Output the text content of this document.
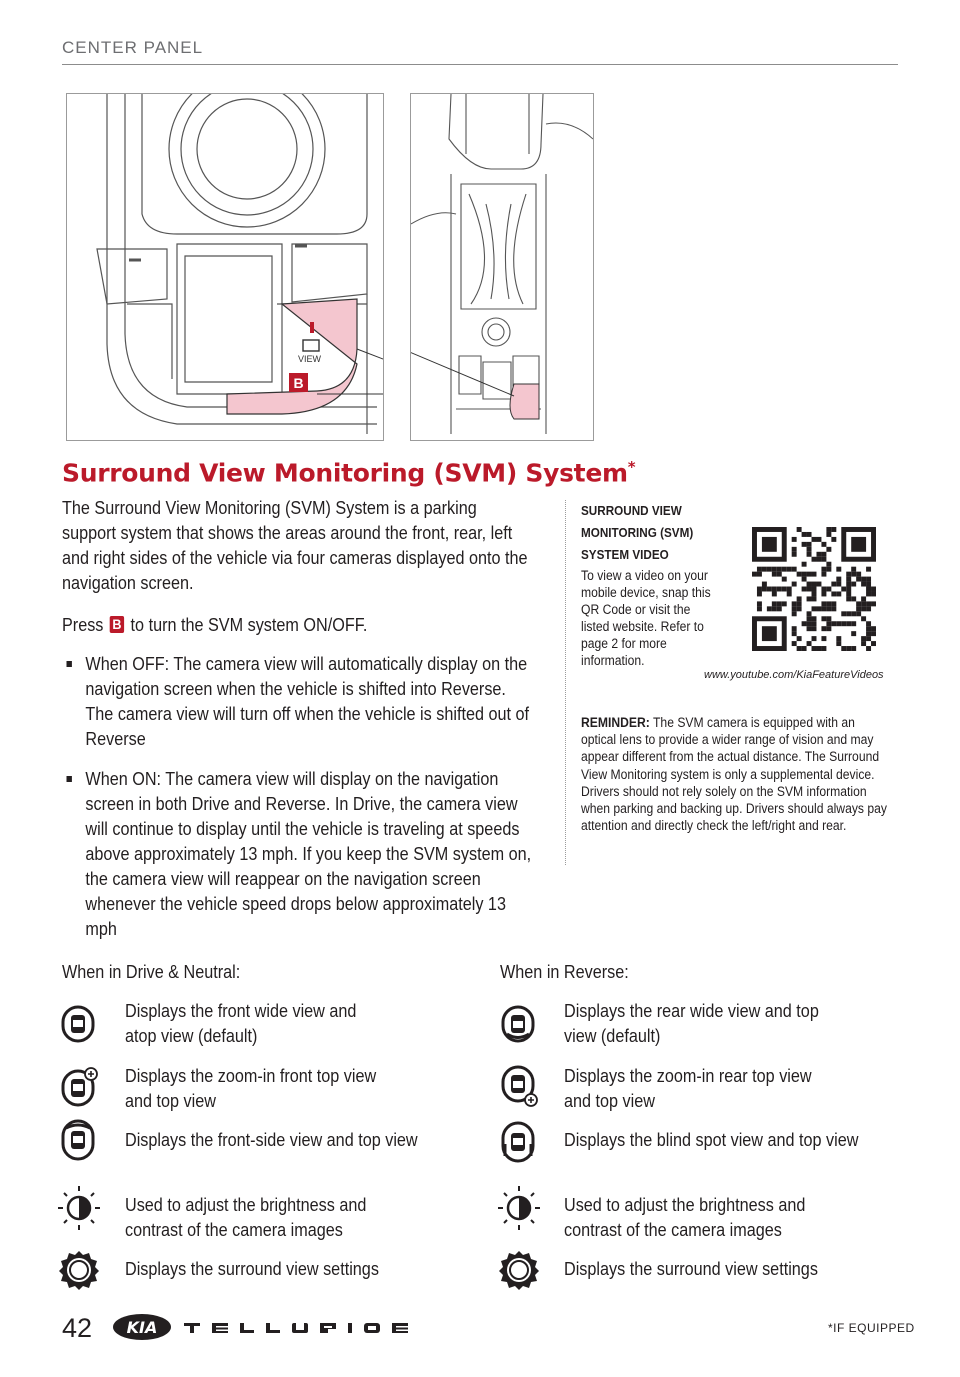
CENTER PANEL
VIEW
B
Surround View Monitoring (SVM) System*
The Surround View Monitoring (SVM) System is a parking support system that shows the areas around the front, rear, left and right sides of the vehicle via four cameras displayed onto the navigation screen.
Press B to turn the SVM system ON/OFF.
When OFF: The camera view will automatically display on the navigation screen when the vehicle is shifted into Reverse. The camera view will turn off when the vehicle is shifted out of Reverse
When ON: The camera view will display on the navigation screen in both Drive and Reverse. In Drive, the camera view will continue to display until the vehicle is traveling at speeds above approximately 13 mph. If you keep the SVM system on, the camera view will reappear on the navigation screen whenever the vehicle speed drops below approximately 13 mph
SURROUND VIEW MONITORING (SVM) SYSTEM VIDEO
To view a video on your mobile device, snap this QR Code or visit the listed website. Refer to page 2 for more information.
www.youtube.com/KiaFeatureVideos
REMINDER: The SVM camera is equipped with an optical lens to provide a wider range of vision and may appear different from the actual distance. The Surround View Monitoring system is only a supplemental device. Drivers should not rely solely on the SVM information when parking and backing up. Drivers should always pay attention and directly check the left/right and rear.
When in Drive & Neutral:
Displays the front wide view and atop view (default)
Displays the zoom-in front top view and top view
Displays the front-side view and top view
Used to adjust the brightness and contrast of the camera images
Displays the surround view settings
When in Reverse:
Displays the rear wide view and top view (default)
Displays the zoom-in rear top view and top view
Displays the blind spot view and top view
Used to adjust the brightness and contrast of the camera images
Displays the surround view settings
42 KIA	*IF EQUIPPED
